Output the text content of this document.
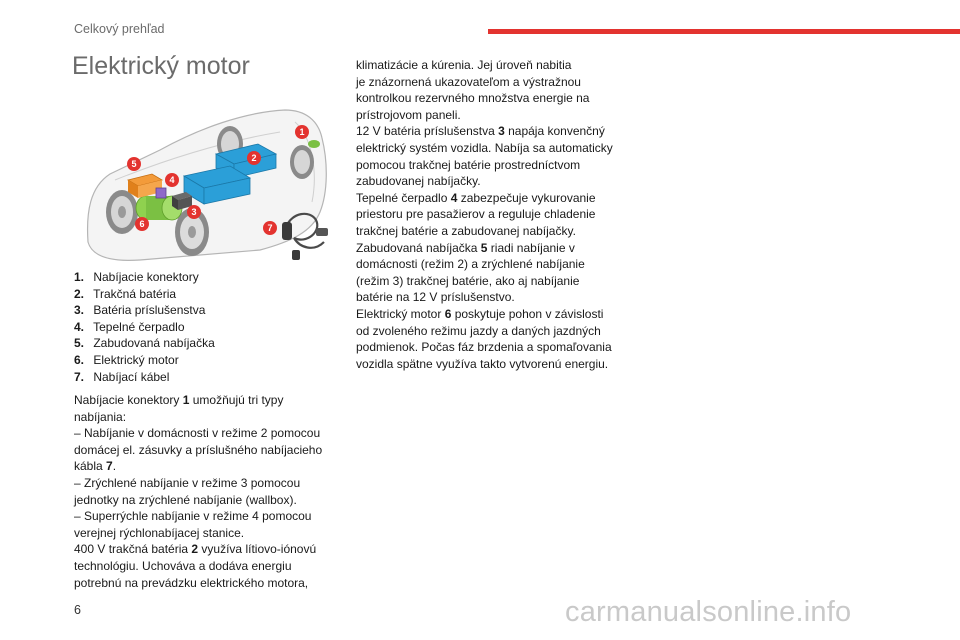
Celkový prehľad
Elektrický motor
1
2
3
4
5
6	7
1. Nabíjacie konektory
2. Trakčná batéria
3. Batéria príslušenstva
4. Tepelné čerpadlo
5. Zabudovaná nabíjačka
6. Elektrický motor
7. Nabíjací kábel

Nabíjacie konektory 1 umožňujú tri typy

nabíjania:

– Nabíjanie v domácnosti v režime 2 pomocou

domácej el. zásuvky a príslušného nabíjacieho

kábla 7.

– Zrýchlené nabíjanie v režime 3 pomocou

jednotky na zrýchlené nabíjanie (wallbox).

– Superrýchle nabíjanie v režime 4 pomocou

verejnej rýchlonabíjacej stanice.

400 V trakčná batéria 2 využíva lítiovo-iónovú

technológiu. Uchováva a dodáva energiu

potrebnú na prevádzku elektrického motora,

klimatizácie a kúrenia. Jej úroveň nabitia

je znázornená ukazovateľom a výstražnou

kontrolkou rezervného množstva energie na

prístrojovom paneli.

12 V batéria príslušenstva 3 napája konvenčný

elektrický systém vozidla. Nabíja sa automaticky

pomocou trakčnej batérie prostredníctvom

zabudovanej nabíjačky.

Tepelné čerpadlo 4 zabezpečuje vykurovanie

priestoru pre pasažierov a reguluje chladenie

trakčnej batérie a zabudovanej nabíjačky.

Zabudovaná nabíjačka 5 riadi nabíjanie v

domácnosti (režim 2) a zrýchlené nabíjanie

(režim 3) trakčnej batérie, ako aj nabíjanie

batérie na 12 V príslušenstvo.

Elektrický motor 6 poskytuje pohon v závislosti

od zvoleného režimu jazdy a daných jazdných

podmienok. Počas fáz brzdenia a spomaľovania

vozidla spätne využíva takto vytvorenú energiu.

6	carmanualsonline.info
